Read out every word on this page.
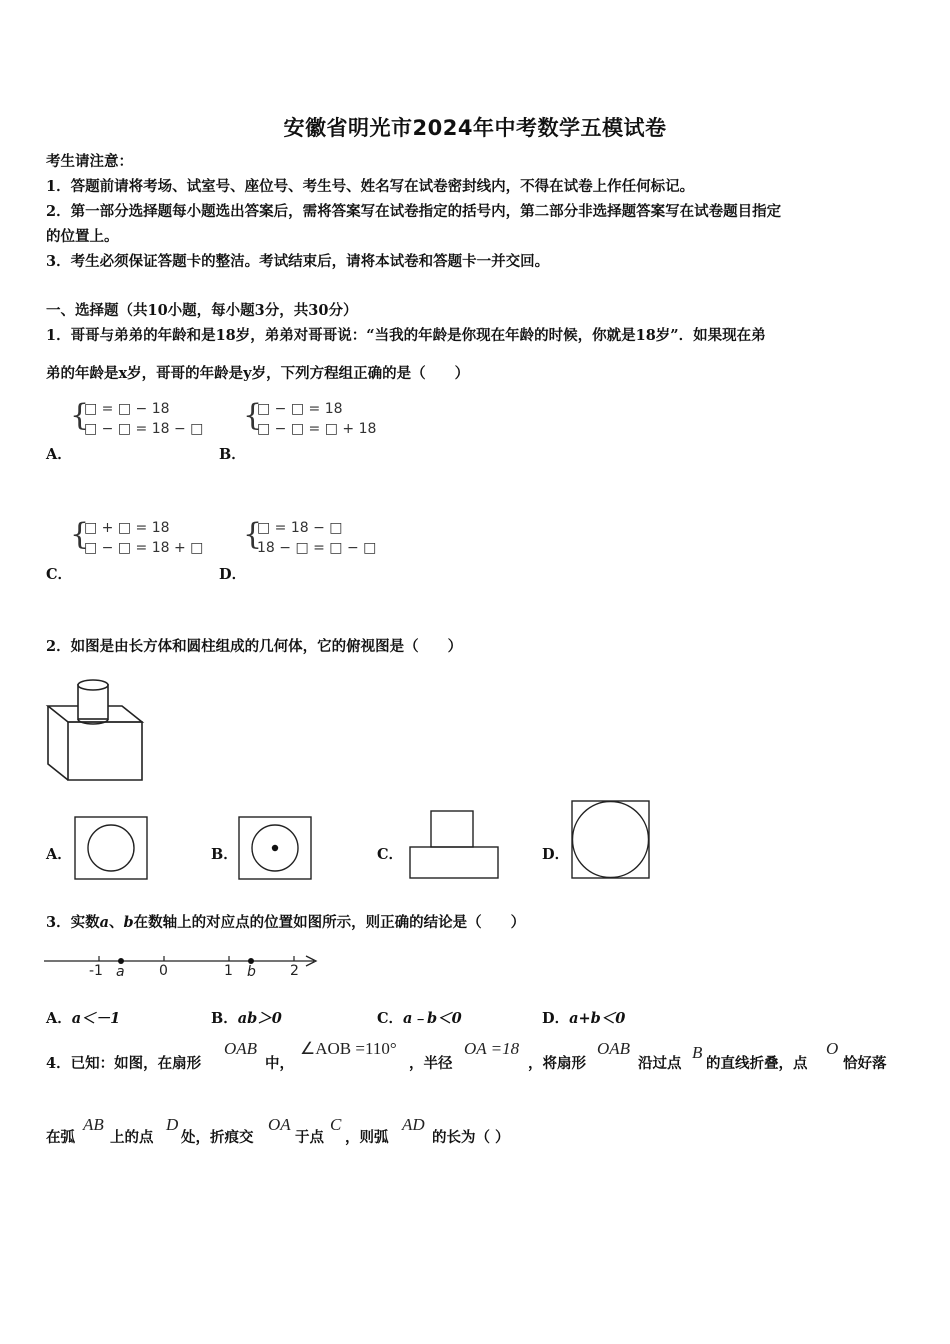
安徽省明光市2024年中考数学五模试卷
考生请注意：
1．答题前请将考场、试室号、座位号、考生号、姓名写在试卷密封线内，不得在试卷上作任何标记。
2．第一部分选择题每小题选出答案后，需将答案写在试卷指定的括号内，第二部分非选择题答案写在试卷题目指定
的位置上。
3．考生必须保证答题卡的整洁。考试结束后，请将本试卷和答题卡一并交回。
一、选择题（共10小题，每小题3分，共30分）
1．哥哥与弟弟的年龄和是18岁，弟弟对哥哥说：“当我的年龄是你现在年龄的时候，你就是18岁”．如果现在弟
弟的年龄是x岁，哥哥的年龄是y岁，下列方程组正确的是（　　）
{
□ = □ − 18
□ − □ = 18 − □
A．
{
□ − □ = 18
□ − □ = □ + 18
B．
{
□ + □ = 18
□ − □ = 18 + □
C．
{
□ = 18 − □
18 − □ = □ − □
D．
2．如图是由长方体和圆柱组成的几何体，它的俯视图是（　　）
A．	B．	C．	D．
3．实数a、b在数轴上的对应点的位置如图所示，则正确的结论是（　　）
-1	0	1	2
a	b
A．a＜－1	B．ab＞0	C．a﹣b＜0	D．a+b＜0
4．已知：如图，在扇形
OAB
中，
∠AOB =110°
，半径
OA =18
，将扇形
OAB
沿过点
B
的直线折叠，点
O
恰好落
在弧
AB
上的点
D
处，折痕交
OA
于点
C
，则弧
AD
的长为（ ）
